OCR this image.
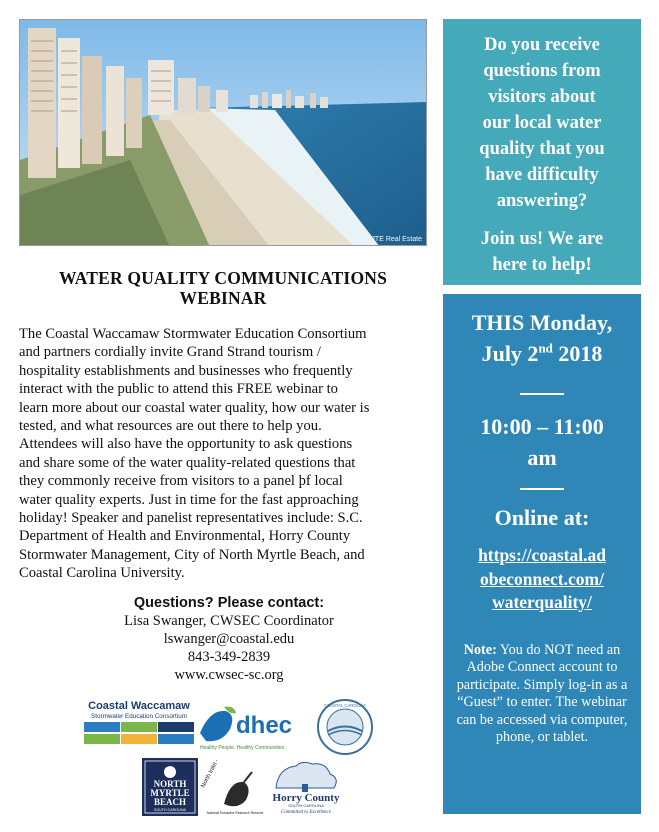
©JTE Real Estate
WATER QUALITY COMMUNICATIONS
WEBINAR
The Coastal Waccamaw Stormwater Education Consortium
and partners cordially invite Grand Strand tourism /
hospitality establishments and businesses who frequently
interact with the public to attend this FREE webinar to
learn more about our coastal water quality, how our water is
tested, and what resources are out there to help you.
Attendees will also have the opportunity to ask questions
and share some of the water quality-related questions that
they commonly receive from visitors to a panel þf local
water quality experts. Just in time for the fast approaching
holiday! Speaker and panelist representatives include: S.C.
Department of Health and Environmental, Horry County
Stormwater Management, City of North Myrtle Beach, and
Coastal Carolina University.
Questions? Please contact:
Lisa Swanger, CWSEC Coordinator
lswanger@coastal.edu
843-349-2839
www.cwsec-sc.org
Coastal Waccamaw
Stormwater Education Consortium dhec
Healthy People. Healthy Communities.
COASTAL CAROLINA
CITY OF
NORTH
MYRTLE
BEACH
SOUTH CAROLINA
National Estuarine Research Reserve
Horry County
SOUTH CAROLINA
Committed to Excellence
Do you receive
questions from
visitors about
our local water
quality that you
have difficulty
answering?
Join us! We are
here to help!
THIS Monday,
July 2nd 2018
10:00 – 11:00
am
Online at:
https://coastal.ad
obeconnect.com/
waterquality/
Note: You do NOT need an Adobe Connect account to participate. Simply log-in as a “Guest” to enter. The webinar can be accessed via computer, phone, or tablet.
